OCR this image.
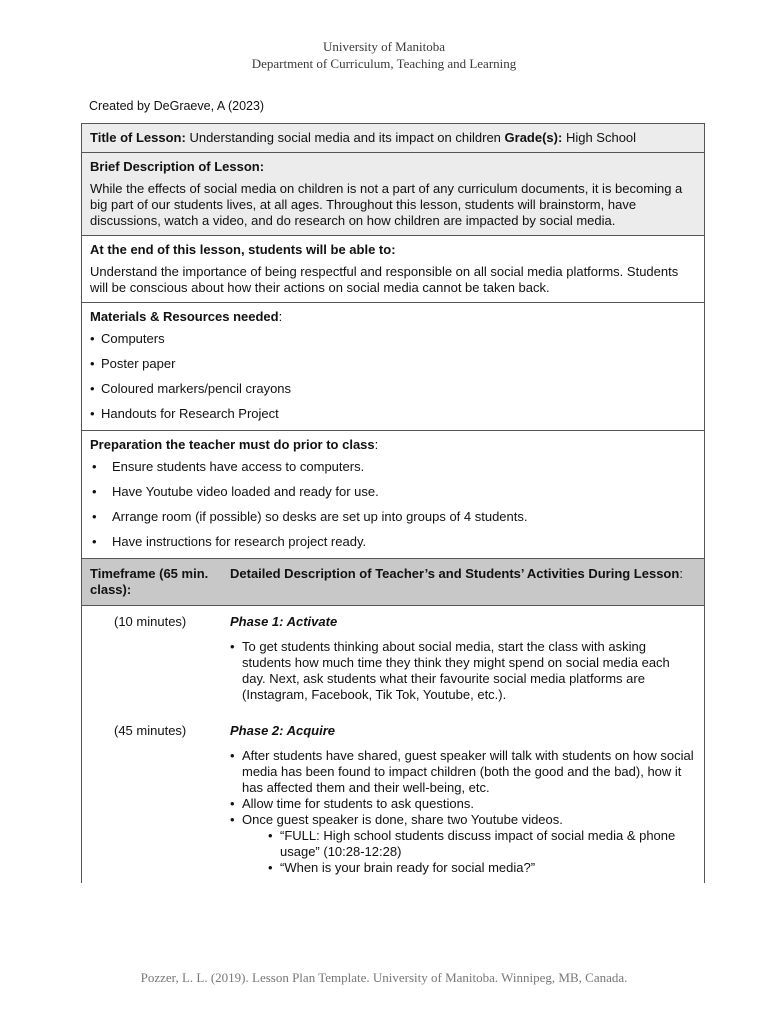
University of Manitoba
Department of Curriculum, Teaching and Learning
Created by DeGraeve, A (2023)
Title of Lesson: Understanding social media and its impact on children Grade(s): High School

Brief Description of Lesson:

While the effects of social media on children is not a part of any curriculum documents, it is becoming a big part of our students lives, at all ages. Throughout this lesson, students will brainstorm, have discussions, watch a video, and do research on how children are impacted by social media.

At the end of this lesson, students will be able to:

Understand the importance of being respectful and responsible on all social media platforms. Students will be conscious about how their actions on social media cannot be taken back.

Materials & Resources needed:

• Computers
• Poster paper
• Coloured markers/pencil crayons
• Handouts for Research Project

Preparation the teacher must do prior to class:

• Ensure students have access to computers.
• Have Youtube video loaded and ready for use.
• Arrange room (if possible) so desks are set up into groups of 4 students.
• Have instructions for research project ready.
Timeframe (65 min. class):
Detailed Description of Teacher’s and Students’ Activities During Lesson:
(10 minutes)	Phase 1: Activate
• To get students thinking about social media, start the class with asking students how much time they think they might spend on social media each day. Next, ask students what their favourite social media platforms are (Instagram, Facebook, Tik Tok, Youtube, etc.).
(45 minutes)	Phase 2: Acquire
• After students have shared, guest speaker will talk with students on how social media has been found to impact children (both the good and the bad), how it has affected them and their well-being, etc.
• Allow time for students to ask questions.
• Once guest speaker is done, share two Youtube videos.
• “FULL: High school students discuss impact of social media & phone usage” (10:28-12:28)
• “When is your brain ready for social media?”
Pozzer, L. L. (2019). Lesson Plan Template. University of Manitoba. Winnipeg, MB, Canada.
